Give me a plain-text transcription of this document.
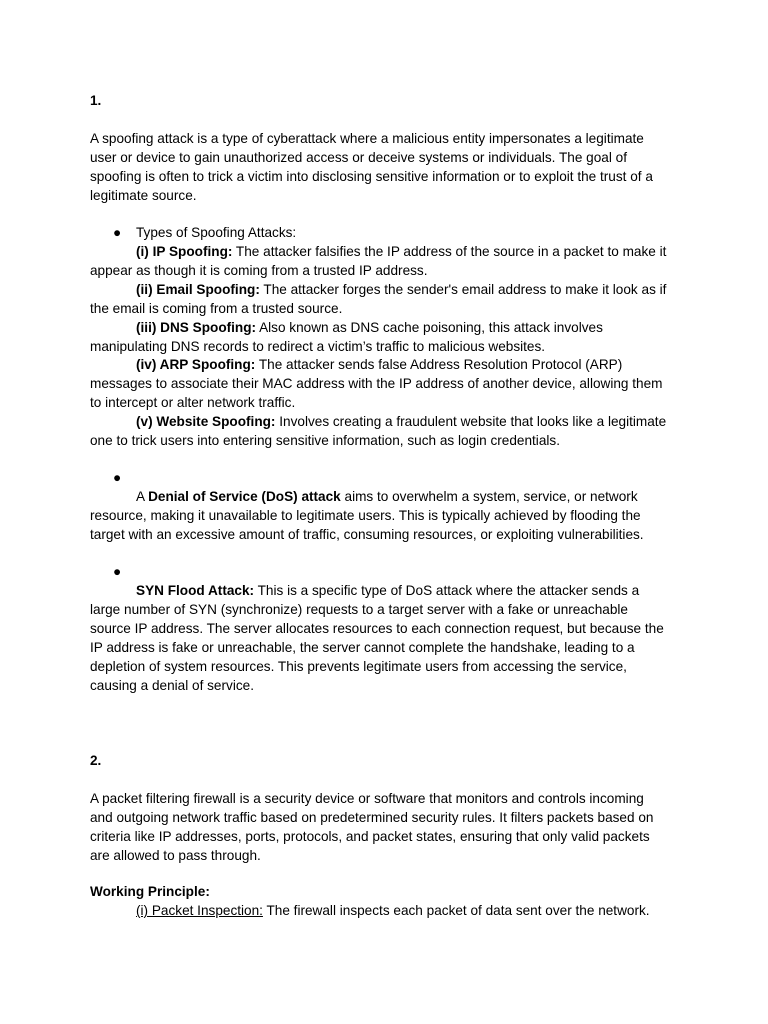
1.
A spoofing attack is a type of cyberattack where a malicious entity impersonates a legitimate
user or device to gain unauthorized access or deceive systems or individuals. The goal of
spoofing is often to trick a victim into disclosing sensitive information or to exploit the trust of a
legitimate source.
● Types of Spoofing Attacks:
(i) IP Spoofing: The attacker falsifies the IP address of the source in a packet to make it
appear as though it is coming from a trusted IP address.
(ii) Email Spoofing: The attacker forges the sender's email address to make it look as if
the email is coming from a trusted source.
(iii) DNS Spoofing: Also known as DNS cache poisoning, this attack involves
manipulating DNS records to redirect a victim’s traffic to malicious websites.
(iv) ARP Spoofing: The attacker sends false Address Resolution Protocol (ARP)
messages to associate their MAC address with the IP address of another device, allowing them
to intercept or alter network traffic.
(v) Website Spoofing: Involves creating a fraudulent website that looks like a legitimate
one to trick users into entering sensitive information, such as login credentials.
●
A Denial of Service (DoS) attack aims to overwhelm a system, service, or network
resource, making it unavailable to legitimate users. This is typically achieved by flooding the
target with an excessive amount of traffic, consuming resources, or exploiting vulnerabilities.
●
SYN Flood Attack: This is a specific type of DoS attack where the attacker sends a
large number of SYN (synchronize) requests to a target server with a fake or unreachable
source IP address. The server allocates resources to each connection request, but because the
IP address is fake or unreachable, the server cannot complete the handshake, leading to a
depletion of system resources. This prevents legitimate users from accessing the service,
causing a denial of service.
2.
A packet filtering firewall is a security device or software that monitors and controls incoming
and outgoing network traffic based on predetermined security rules. It filters packets based on
criteria like IP addresses, ports, protocols, and packet states, ensuring that only valid packets
are allowed to pass through.
Working Principle:
(i) Packet Inspection: The firewall inspects each packet of data sent over the network.
